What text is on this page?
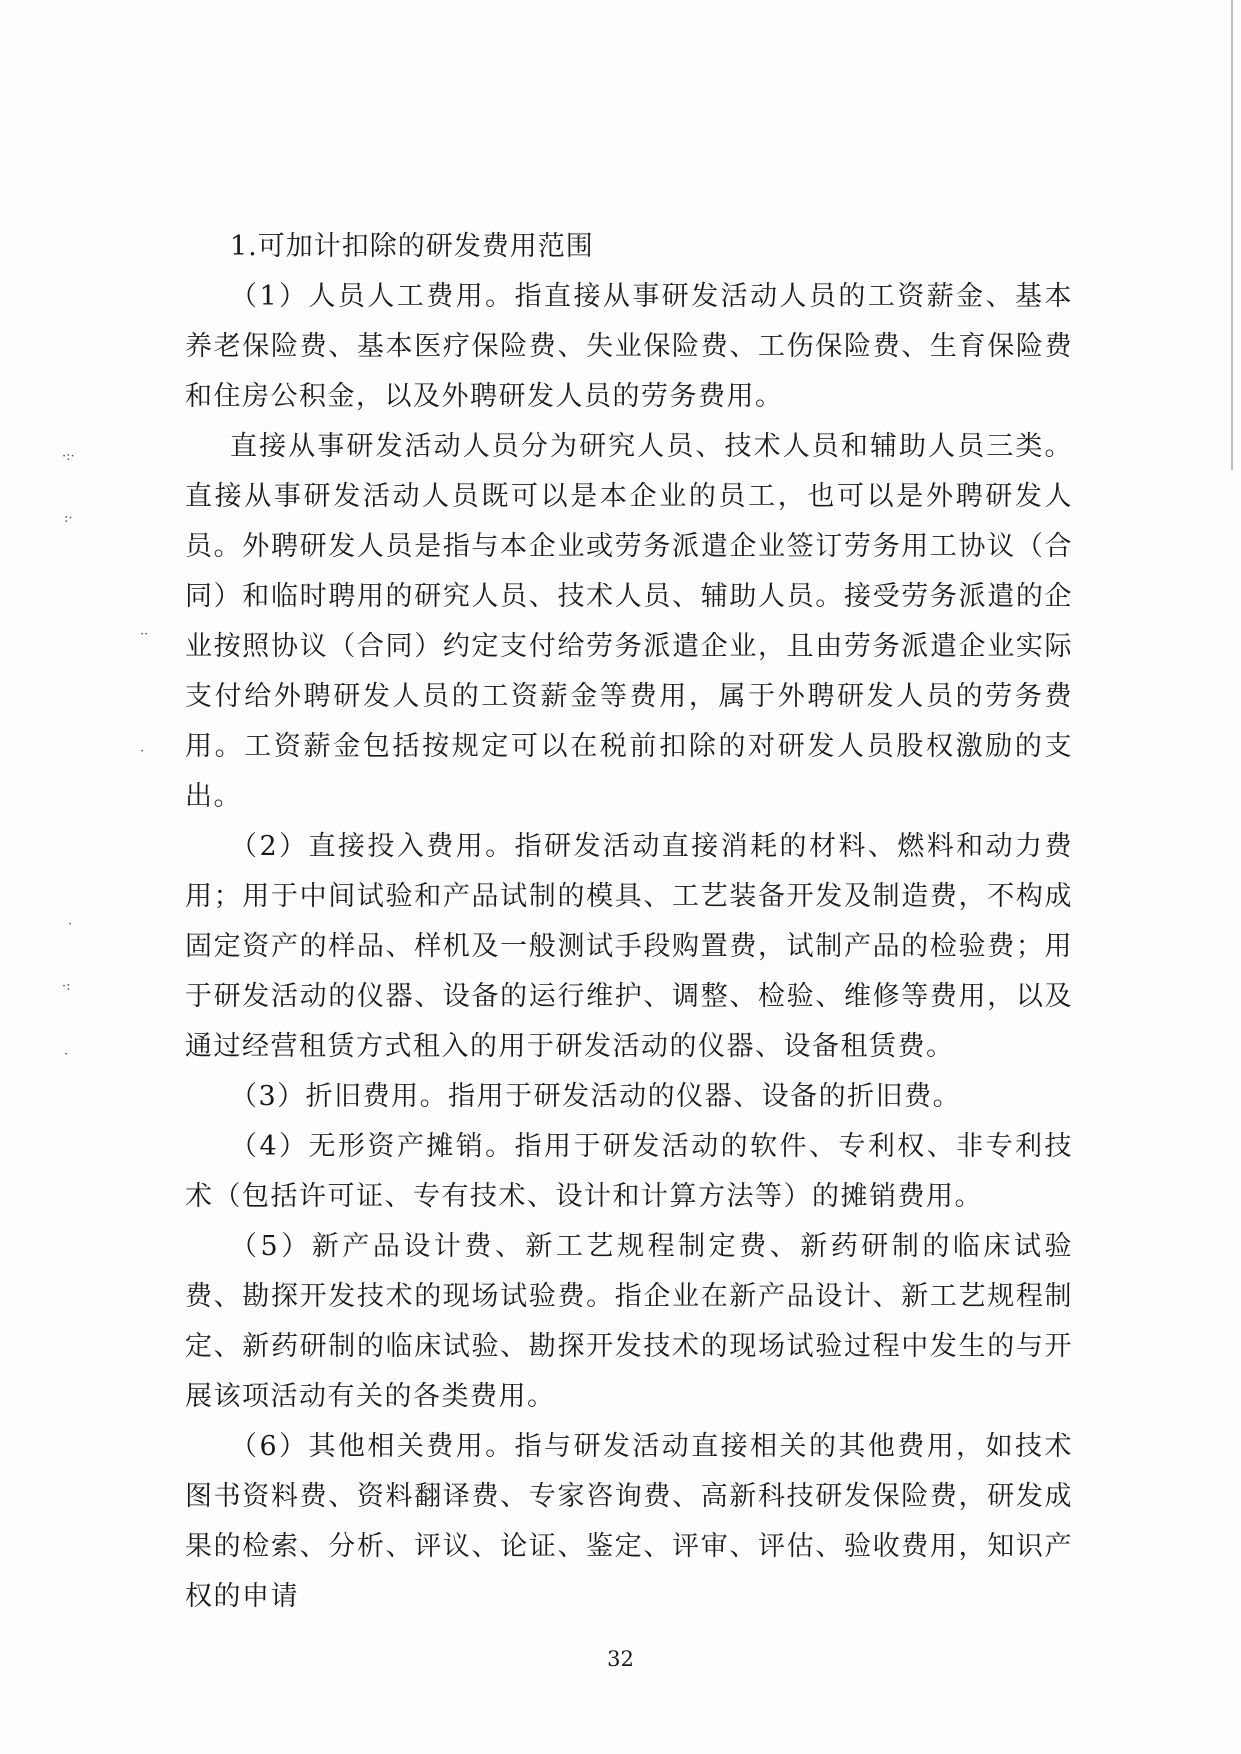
·:·
:·
··
·
·
·:
·

1.可加计扣除的研发费用范围

（1）人员人工费用。指直接从事研发活动人员的工资薪金、基本养老保险费、基本医疗保险费、失业保险费、工伤保险费、生育保险费和住房公积金，以及外聘研发人员的劳务费用。

直接从事研发活动人员分为研究人员、技术人员和辅助人员三类。直接从事研发活动人员既可以是本企业的员工，也可以是外聘研发人员。外聘研发人员是指与本企业或劳务派遣企业签订劳务用工协议（合同）和临时聘用的研究人员、技术人员、辅助人员。接受劳务派遣的企业按照协议（合同）约定支付给劳务派遣企业，且由劳务派遣企业实际支付给外聘研发人员的工资薪金等费用，属于外聘研发人员的劳务费用。工资薪金包括按规定可以在税前扣除的对研发人员股权激励的支出。

（2）直接投入费用。指研发活动直接消耗的材料、燃料和动力费用；用于中间试验和产品试制的模具、工艺装备开发及制造费，不构成固定资产的样品、样机及一般测试手段购置费，试制产品的检验费；用于研发活动的仪器、设备的运行维护、调整、检验、维修等费用，以及通过经营租赁方式租入的用于研发活动的仪器、设备租赁费。

（3）折旧费用。指用于研发活动的仪器、设备的折旧费。

（4）无形资产摊销。指用于研发活动的软件、专利权、非专利技术（包括许可证、专有技术、设计和计算方法等）的摊销费用。

（5）新产品设计费、新工艺规程制定费、新药研制的临床试验费、勘探开发技术的现场试验费。指企业在新产品设计、新工艺规程制定、新药研制的临床试验、勘探开发技术的现场试验过程中发生的与开展该项活动有关的各类费用。

（6）其他相关费用。指与研发活动直接相关的其他费用，如技术图书资料费、资料翻译费、专家咨询费、高新科技研发保险费，研发成果的检索、分析、评议、论证、鉴定、评审、评估、验收费用，知识产权的申请

32
